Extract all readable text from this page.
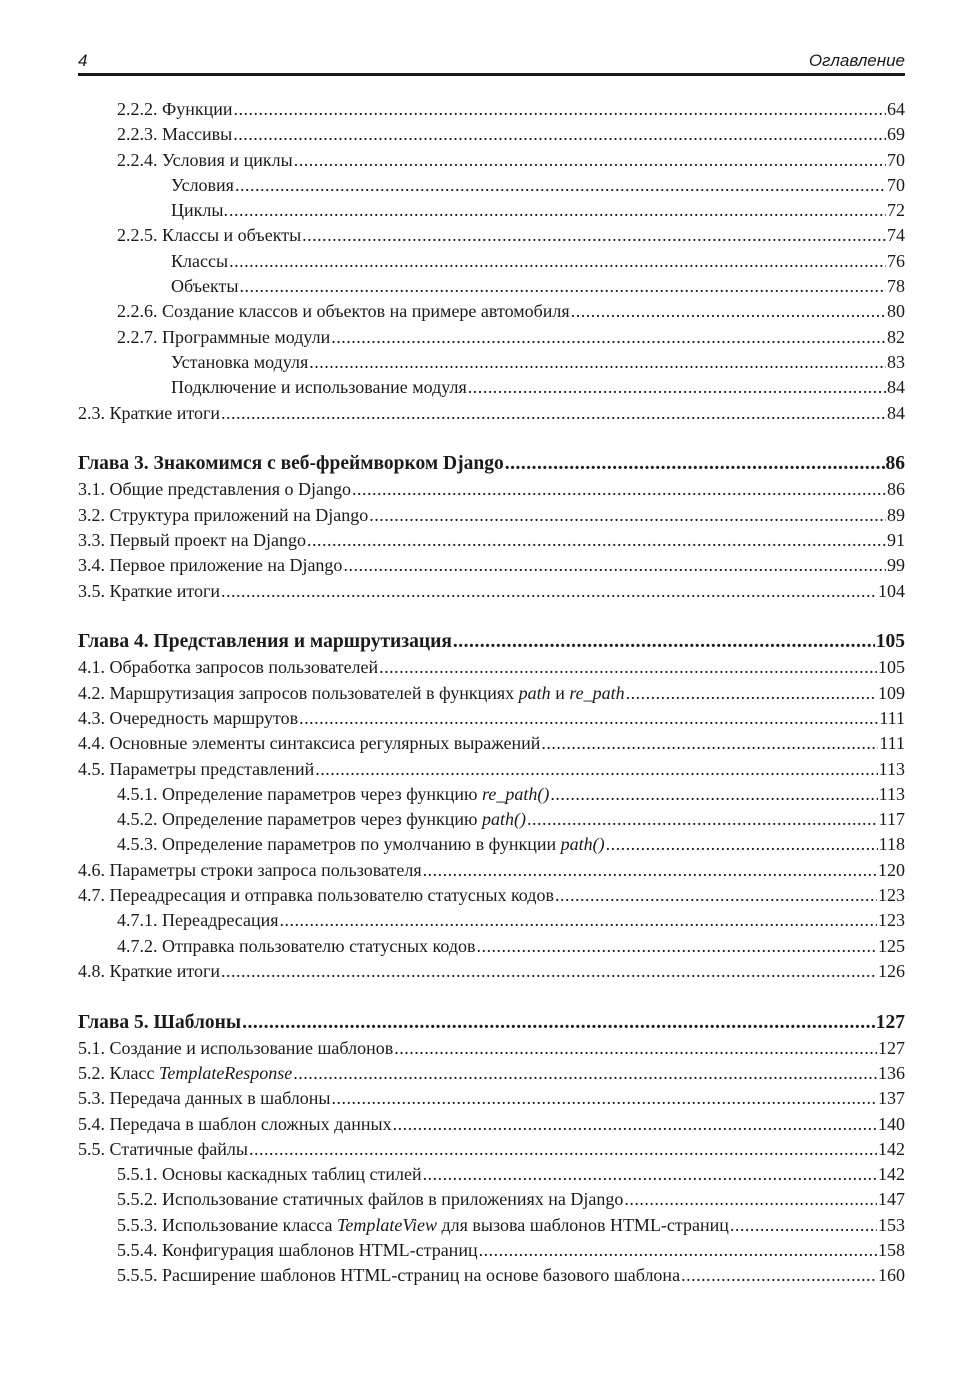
4	Оглавление
2.2.2. Функции .....	64
2.2.3. Массивы .....	69
2.2.4. Условия и циклы .....	70
Условия .....	70
Циклы. .....	72
2.2.5. Классы и объекты .....	74
Классы .....	76
Объекты .....	78
2.2.6. Создание классов и объектов на примере автомобиля .....	80
2.2.7. Программные модули .....	82
Установка модуля .....	83
Подключение и использование модуля .....	84
2.3. Краткие итоги .....	84
Глава 3. Знакомимся с веб-фреймворком Django .....	86
3.1. Общие представления о Django .....	86
3.2. Структура приложений на Django .....	89
3.3. Первый проект на Django .....	91
3.4. Первое приложение на Django .....	99
3.5. Краткие итоги .....	104
Глава 4. Представления и маршрутизация .....	105
4.1. Обработка запросов пользователей .....	105
4.2. Маршрутизация запросов пользователей в функциях path и re_path .....	109
4.3. Очередность маршрутов .....	111
4.4. Основные элементы синтаксиса регулярных выражений .....	111
4.5. Параметры представлений .....	113
4.5.1. Определение параметров через функцию re_path() .....	113
4.5.2. Определение параметров через функцию path() .....	117
4.5.3. Определение параметров по умолчанию в функции path() .....	118
4.6. Параметры строки запроса пользователя .....	120
4.7. Переадресация и отправка пользователю статусных кодов .....	123
4.7.1. Переадресация .....	123
4.7.2. Отправка пользователю статусных кодов .....	125
4.8. Краткие итоги .....	126
Глава 5. Шаблоны .....	127
5.1. Создание и использование шаблонов .....	127
5.2. Класс TemplateResponse .....	136
5.3. Передача данных в шаблоны .....	137
5.4. Передача в шаблон сложных данных .....	140
5.5. Статичные файлы .....	142
5.5.1. Основы каскадных таблиц стилей .....	142
5.5.2. Использование статичных файлов в приложениях на Django .....	147
5.5.3. Использование класса TemplateView для вызова шаблонов HTML-страниц .....	153
5.5.4. Конфигурация шаблонов HTML-страниц .....	158
5.5.5. Расширение шаблонов HTML-страниц на основе базового шаблона .....	160
